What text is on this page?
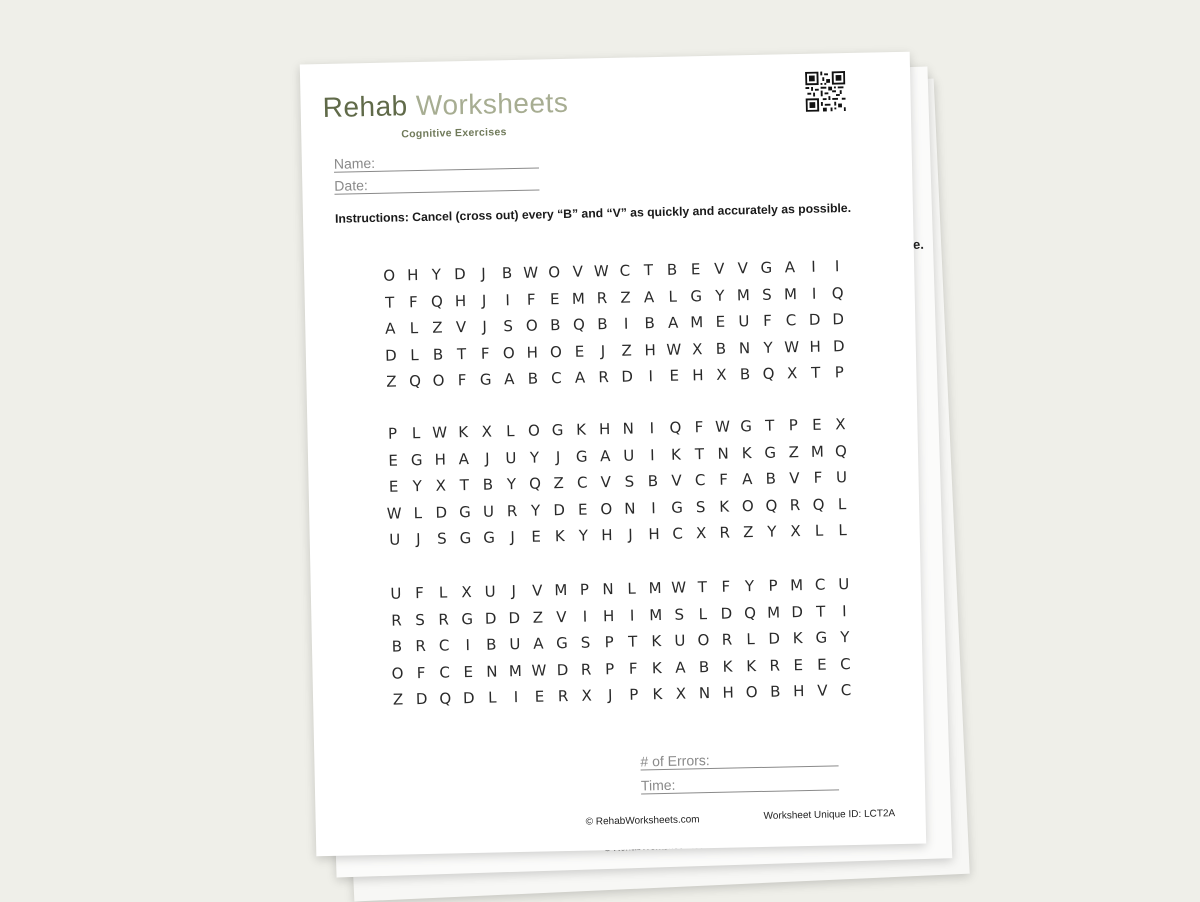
e.
Rehab Worksheets
Cognitive Exercises
Name:
Date:
Instructions: Cancel (cross out) every “B” and “V” as quickly and accurately as possible.
O H Y D	J	B W O V W C T B E V V G A	I	I
T F Q H	J	I	F E M R Z A L G Y M S M I	Q
A L Z V	J	S O B Q B	I	B A M E U F C D D
D L B T F O H O E	J	Z H W X B N Y W H D
Z Q O F G A B C A R D	I	E H X B Q X T P
P L W K X L O G K H N	I	Q F W G T P E X
E G H A	J	U Y	J	G A U	I	K T N K G Z M Q
E Y X T B Y Q Z C V S B V C F A B V F U
W L D G U R Y D E O N	I	G S K O Q R Q L
U	J	S G G	J	E K Y H	J	H C X R Z Y X L L
U F L X U	J	V M P N L M W T F Y P M C U
R S R G D D Z V	I	H	I M S L D Q M D T	I
B R C	I	B U A G S P T K U O R L D K G Y
O F C E N M W D R P F K A B K K R E E C
Z D Q D L	I	E R X	J	P K X N H O B H V C
# of Errors:
Time:
© RehabWorksheets.com	Worksheet Unique ID: LCT2A
